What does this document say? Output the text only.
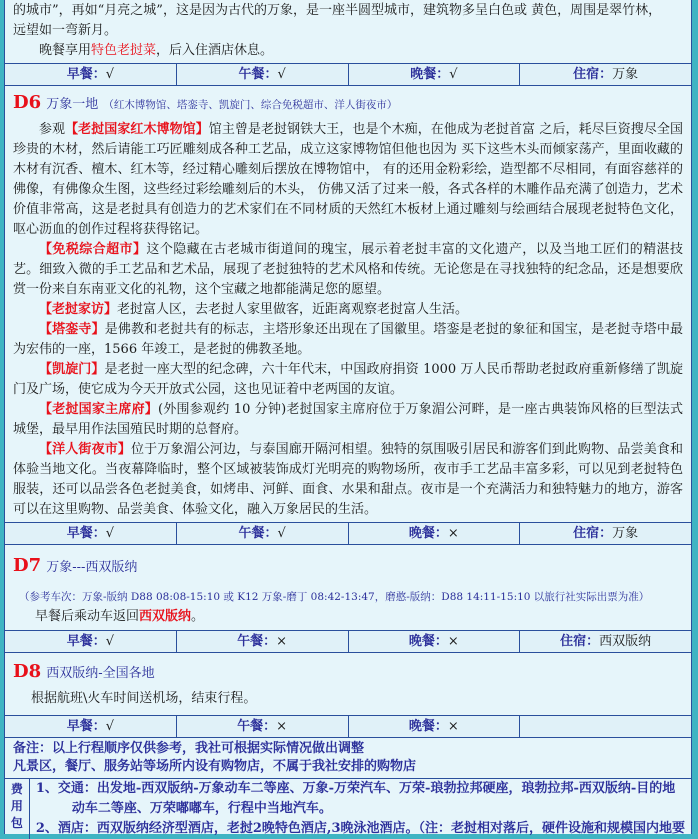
的城市”，再如“月亮之城”，这是因为古代的万象，是一座半圆型城市，建筑物多呈白色或 黄色，周围是翠竹林，

远望如一弯新月。

晚餐享用特色老挝菜，后入住酒店休息。

早餐：√	午餐：√	晚餐：√	住宿：万象
D6 万象一地 （红木博物馆、塔銮寺、凯旋门、综合免税超市、洋人街夜市）

参观【老挝国家红木博物馆】馆主曾是老挝钢铁大王，也是个木痴，在他成为老挝首富 之后，耗尽巨资搜尽全国珍贵的木材，然后请能工巧匠雕刻成各种工艺品，成立这家博物馆但他也因为 买下这些木头而倾家荡产，里面收藏的木材有沉香、檀木、红木等，经过精心雕刻后摆放在博物馆中， 有的还用金粉彩绘，造型都不尽相同，有面容慈祥的佛像，有佛像众生图，这些经过彩绘雕刻后的木头， 仿佛又活了过来一般，各式各样的木雕作品充满了创造力，艺术价值非常高，这是老挝具有创造力的艺术家们在不同材质的天然红木板材上通过雕刻与绘画结合展现老挝特色文化，呕心沥血的创作过程将获得铭记。

【免税综合超市】这个隐藏在古老城市街道间的瑰宝，展示着老挝丰富的文化遗产，以及当地工匠们的精湛技艺。细致入微的手工艺品和艺术品，展现了老挝独特的艺术风格和传统。无论您是在寻找独特的纪念品，还是想要欣赏一份来自东南亚文化的礼物，这个宝藏之地都能满足您的愿望。

【老挝家访】老挝富人区，去老挝人家里做客，近距离观察老挝富人生活。

【塔銮寺】是佛教和老挝共有的标志，主塔形象还出现在了国徽里。塔銮是老挝的象征和国宝，是老挝寺塔中最为宏伟的一座，1566 年竣工，是老挝的佛教圣地。

【凯旋门】是老挝一座大型的纪念碑，六十年代末，中国政府捐资 1000 万人民币帮助老挝政府重新修缮了凯旋门及广场，使它成为今天开放式公园，这也见证着中老两国的友谊。

【老挝国家主席府】(外围参观约 10 分钟)老挝国家主席府位于万象湄公河畔，是一座古典装饰风格的巨型法式城堡，最早用作法国殖民时期的总督府。

【洋人街夜市】位于万象湄公河边，与泰国廊开隔河相望。独特的氛围吸引居民和游客们到此购物、品尝美食和体验当地文化。当夜幕降临时，整个区域被装饰成灯光明亮的购物场所，夜市手工艺品丰富多彩，可以见到老挝特色服装，还可以品尝各色老挝美食，如烤串、河鲜、面食、水果和甜点。夜市是一个充满活力和独特魅力的地方，游客可以在这里购物、品尝美食、体验文化，融入万象居民的生活。

早餐：√	午餐：√	晚餐：×	住宿：万象
D7 万象---西双版纳

（参考车次：万象-版纳 D88 08:08-15:10 或 K12 万象-磨丁 08:42-13:47，磨憨-版纳：D88 14:11-15:10 以旅行社实际出票为准）

早餐后乘动车返回西双版纳。

早餐：√	午餐：×	晚餐：×	住宿：西双版纳
D8 西双版纳-全国各地

根据航班\火车时间送机场，结束行程。

早餐：√	午餐：×	晚餐：×

备注：以上行程顺序仅供参考，我社可根据实际情况做出调整

凡景区，餐厅、服务站等场所内设有购物店，不属于我社安排的购物店

费用包

1、交通：出发地-西双版纳-万象动车二等座、万象-万荣汽车、万荣-琅勃拉邦硬座，琅勃拉邦-西双版纳-目的地

动车二等座、万荣嘟嘟车，行程中当地汽车。

2、酒店：西双版纳经济型酒店，老挝2晚特色酒店,3晚泳池酒店。（注：老挝相对落后，硬件设施和规模国内地要
